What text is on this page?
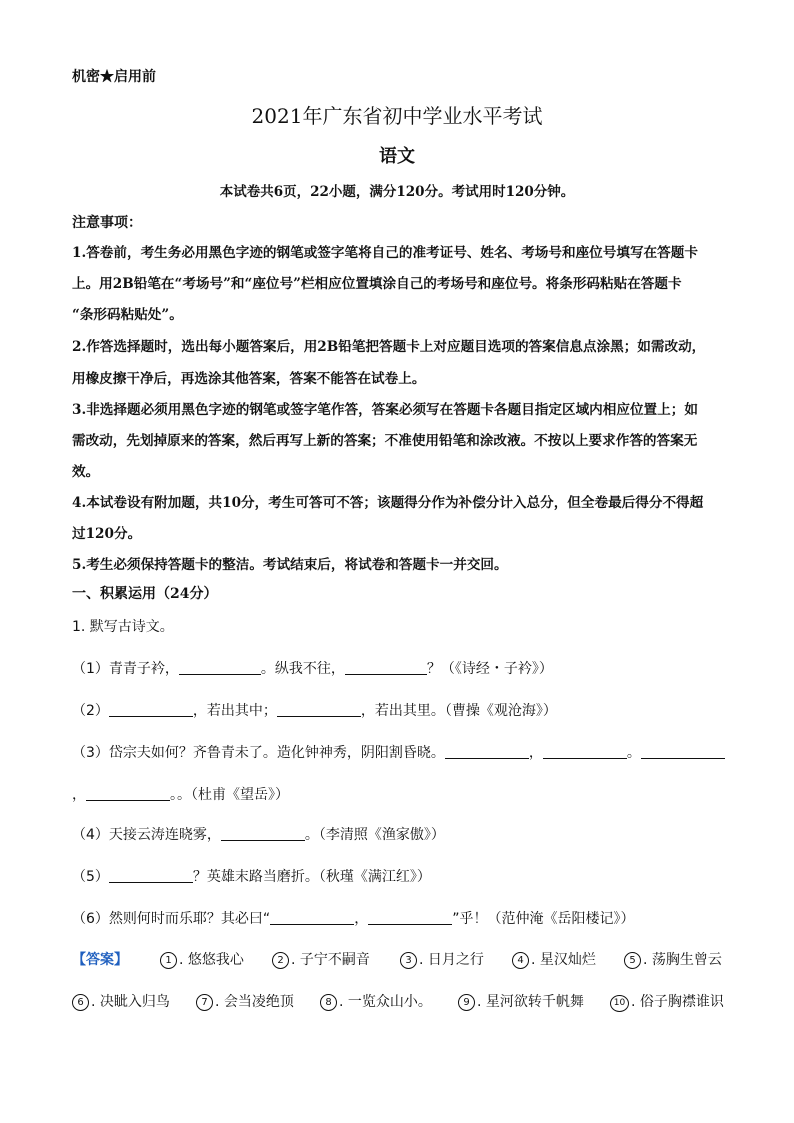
机密★启用前
2021年广东省初中学业水平考试
语文
本试卷共6页，22小题，满分120分。考试用时120分钟。
注意事项：
1.答卷前，考生务必用黑色字迹的钢笔或签字笔将自己的准考证号、姓名、考场号和座位号填写在答题卡
上。用2B铅笔在“考场号”和“座位号”栏相应位置填涂自己的考场号和座位号。将条形码粘贴在答题卡
“条形码粘贴处”。
2.作答选择题时，选出每小题答案后，用2B铅笔把答题卡上对应题目选项的答案信息点涂黑；如需改动，
用橡皮擦干净后，再选涂其他答案，答案不能答在试卷上。
3.非选择题必须用黑色字迹的钢笔或签字笔作答，答案必须写在答题卡各题目指定区域内相应位置上；如
需改动，先划掉原来的答案，然后再写上新的答案；不准使用铅笔和涂改液。不按以上要求作答的答案无
效。
4.本试卷设有附加题，共10分，考生可答可不答；该题得分作为补偿分计入总分，但全卷最后得分不得超
过120分。
5.考生必须保持答题卡的整洁。考试结束后，将试卷和答题卡一并交回。
一、积累运用（24分）
1. 默写古诗文。
（1）青青子衿，	。纵我不往，	？（《诗经・子衿》）
（2）	，若出其中；	，若出其里。（曹操《观沧海》）
（3）岱宗夫如何？齐鲁青未了。造化钟神秀，阴阳割昏晓。	，	。
，	。。（杜甫《望岳》）
（4）天接云涛连晓雾，	。（李清照《渔家傲》）
（5）	？英雄末路当磨折。（秋瑾《满江红》）
（6）然则何时而乐耶？其必曰“	，	”乎！（范仲淹《岳阳楼记》）
【答案】	1 . 悠悠我心	2 . 子宁不嗣音	3 . 日月之行	4 . 星汉灿烂	5 . 荡胸生曾云
6 . 决眦入归鸟	7 . 会当凌绝顶	8 . 一览众山小。	9 . 星河欲转千帆舞	10 . 俗子胸襟谁识
